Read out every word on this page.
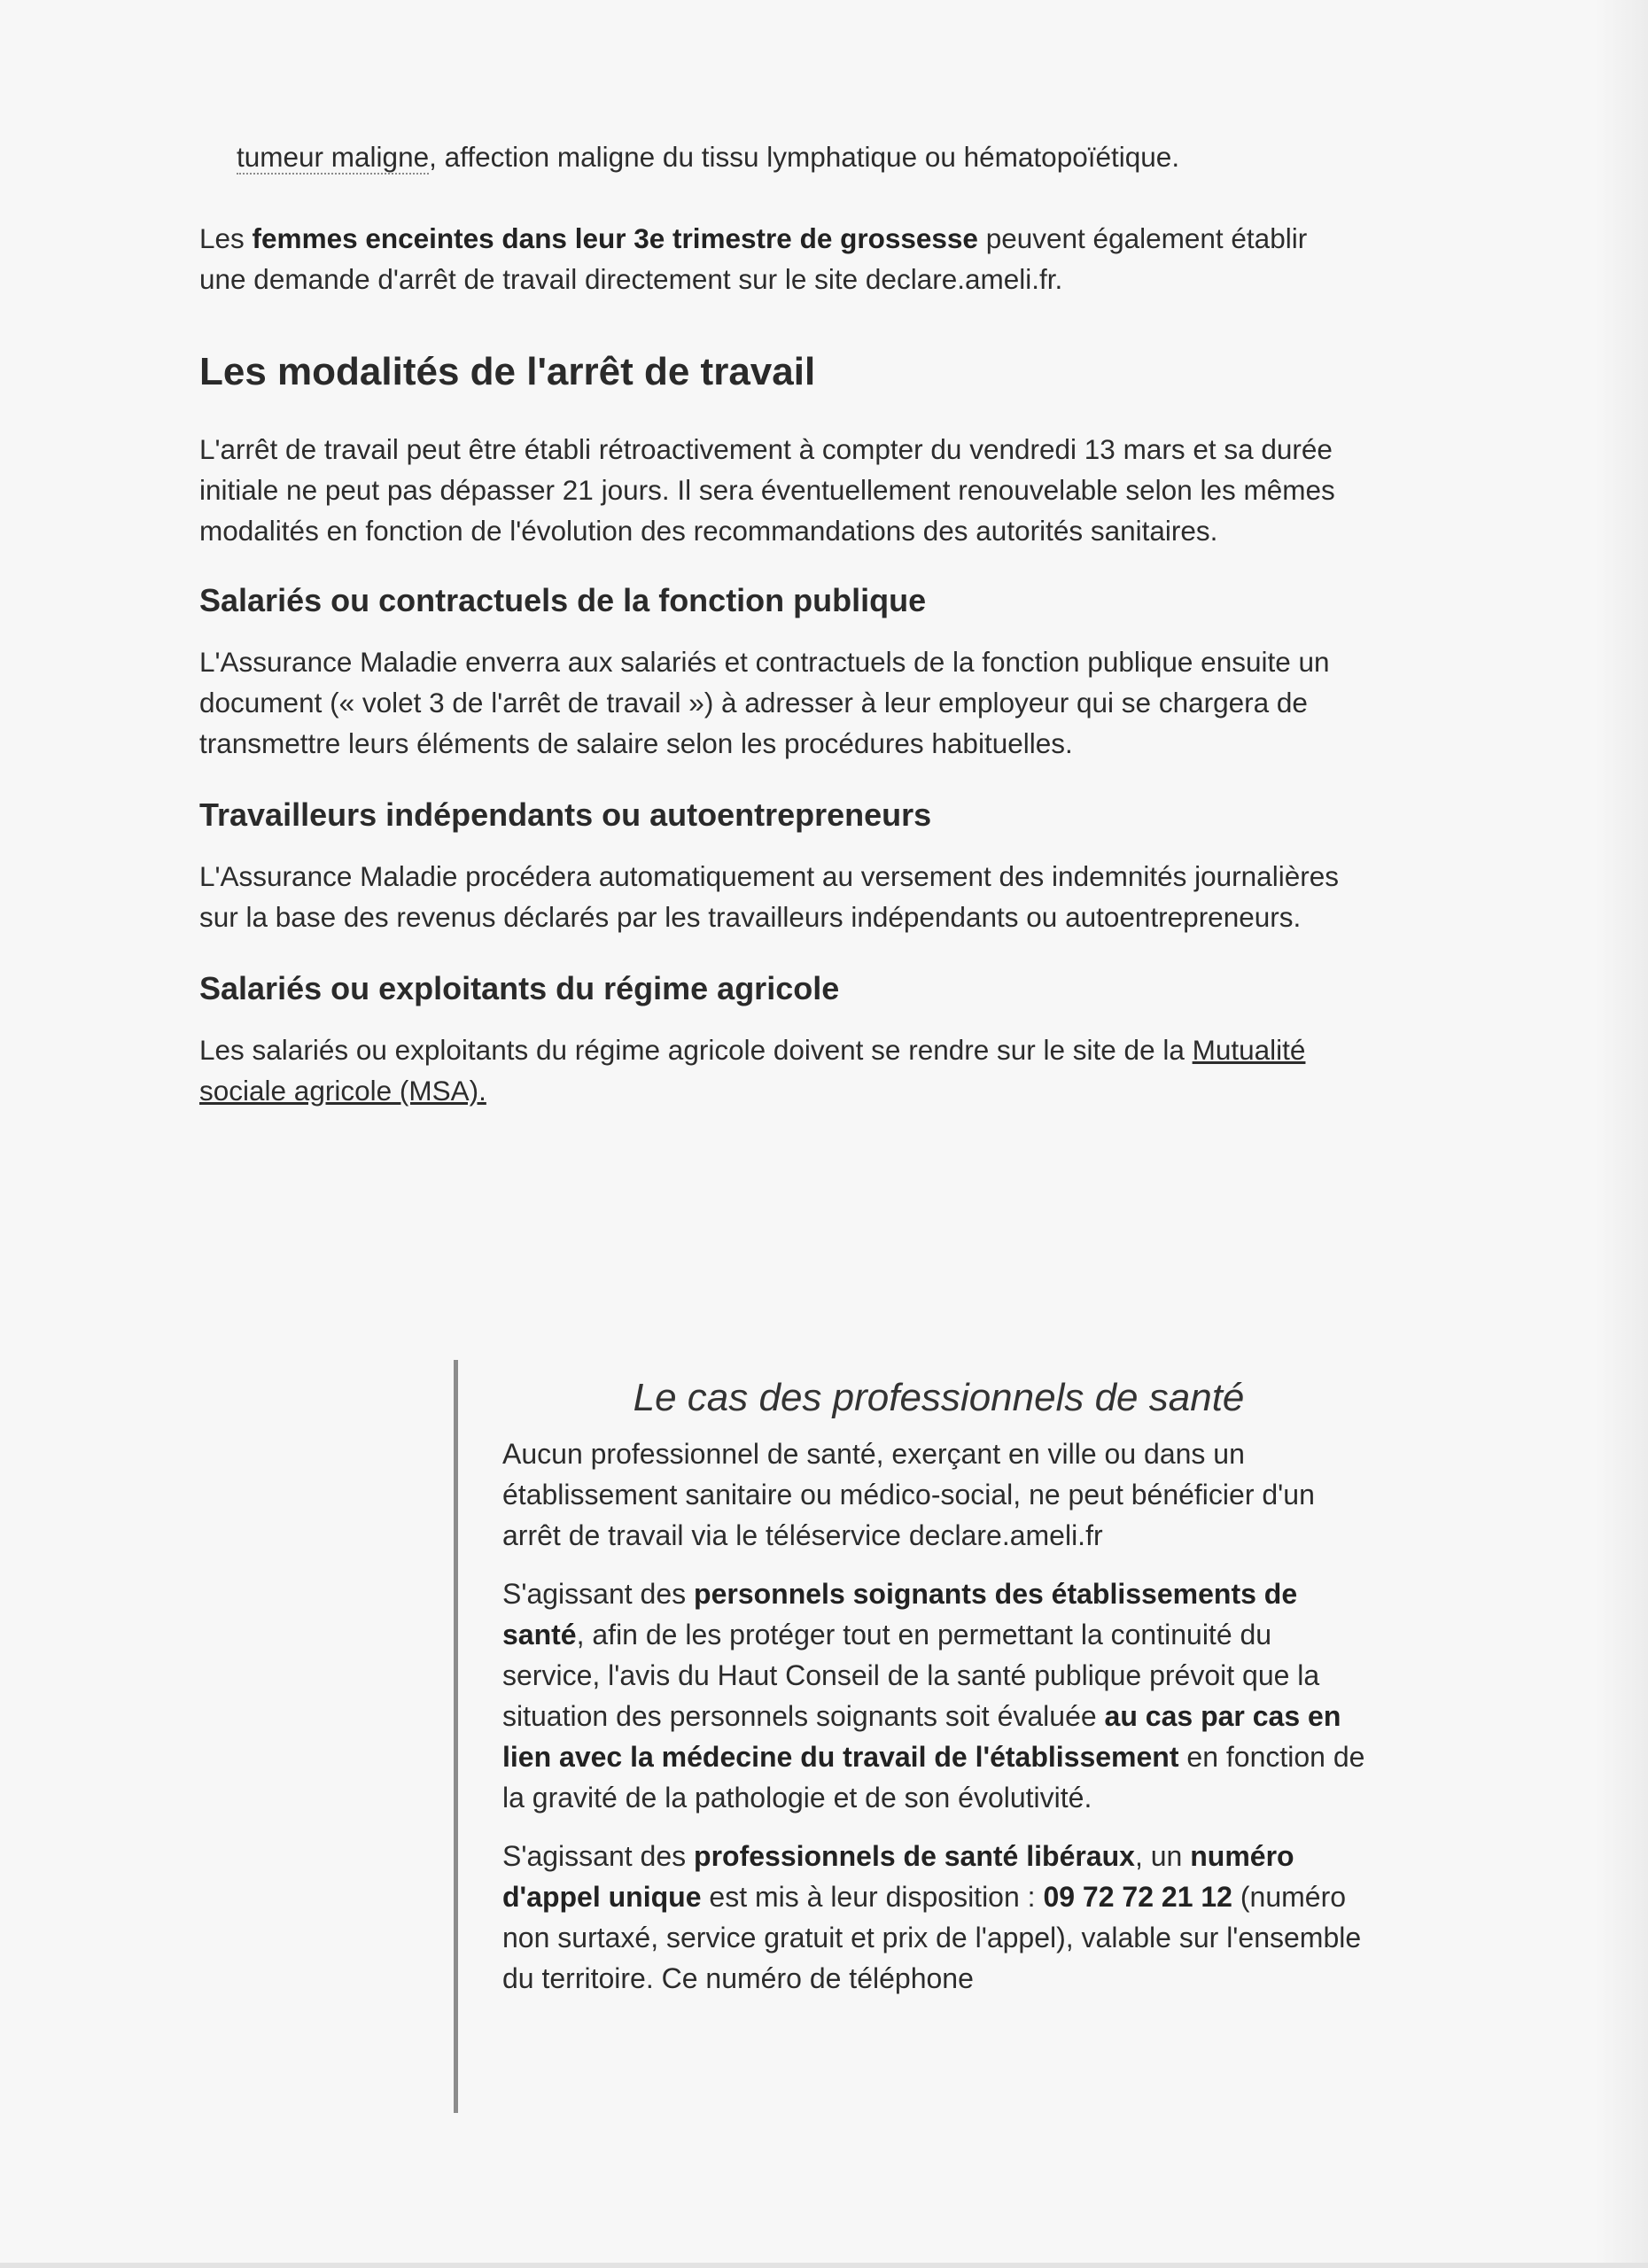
tumeur maligne, affection maligne du tissu lymphatique ou hématopoïétique.

Les femmes enceintes dans leur 3e trimestre de grossesse peuvent également établir une demande d'arrêt de travail directement sur le site declare.ameli.fr.

Les modalités de l'arrêt de travail

L'arrêt de travail peut être établi rétroactivement à compter du vendredi 13 mars et sa durée initiale ne peut pas dépasser 21 jours. Il sera éventuellement renouvelable selon les mêmes modalités en fonction de l'évolution des recommandations des autorités sanitaires.

Salariés ou contractuels de la fonction publique

L'Assurance Maladie enverra aux salariés et contractuels de la fonction publique ensuite un document (« volet 3 de l'arrêt de travail ») à adresser à leur employeur qui se chargera de transmettre leurs éléments de salaire selon les procédures habituelles.

Travailleurs indépendants ou autoentrepreneurs

L'Assurance Maladie procédera automatiquement au versement des indemnités journalières sur la base des revenus déclarés par les travailleurs indépendants ou autoentrepreneurs.

Salariés ou exploitants du régime agricole

Les salariés ou exploitants du régime agricole doivent se rendre sur le site de la Mutualité sociale agricole (MSA).

Le cas des professionnels de santé

Aucun professionnel de santé, exerçant en ville ou dans un établissement sanitaire ou médico-social, ne peut bénéficier d'un arrêt de travail via le téléservice declare.ameli.fr

S'agissant des personnels soignants des établissements de santé, afin de les protéger tout en permettant la continuité du service, l'avis du Haut Conseil de la santé publique prévoit que la situation des personnels soignants soit évaluée au cas par cas en lien avec la médecine du travail de l'établissement en fonction de la gravité de la pathologie et de son évolutivité.

S'agissant des professionnels de santé libéraux, un numéro d'appel unique est mis à leur disposition : 09 72 72 21 12 (numéro non surtaxé, service gratuit et prix de l'appel), valable sur l'ensemble du territoire. Ce numéro de téléphone
